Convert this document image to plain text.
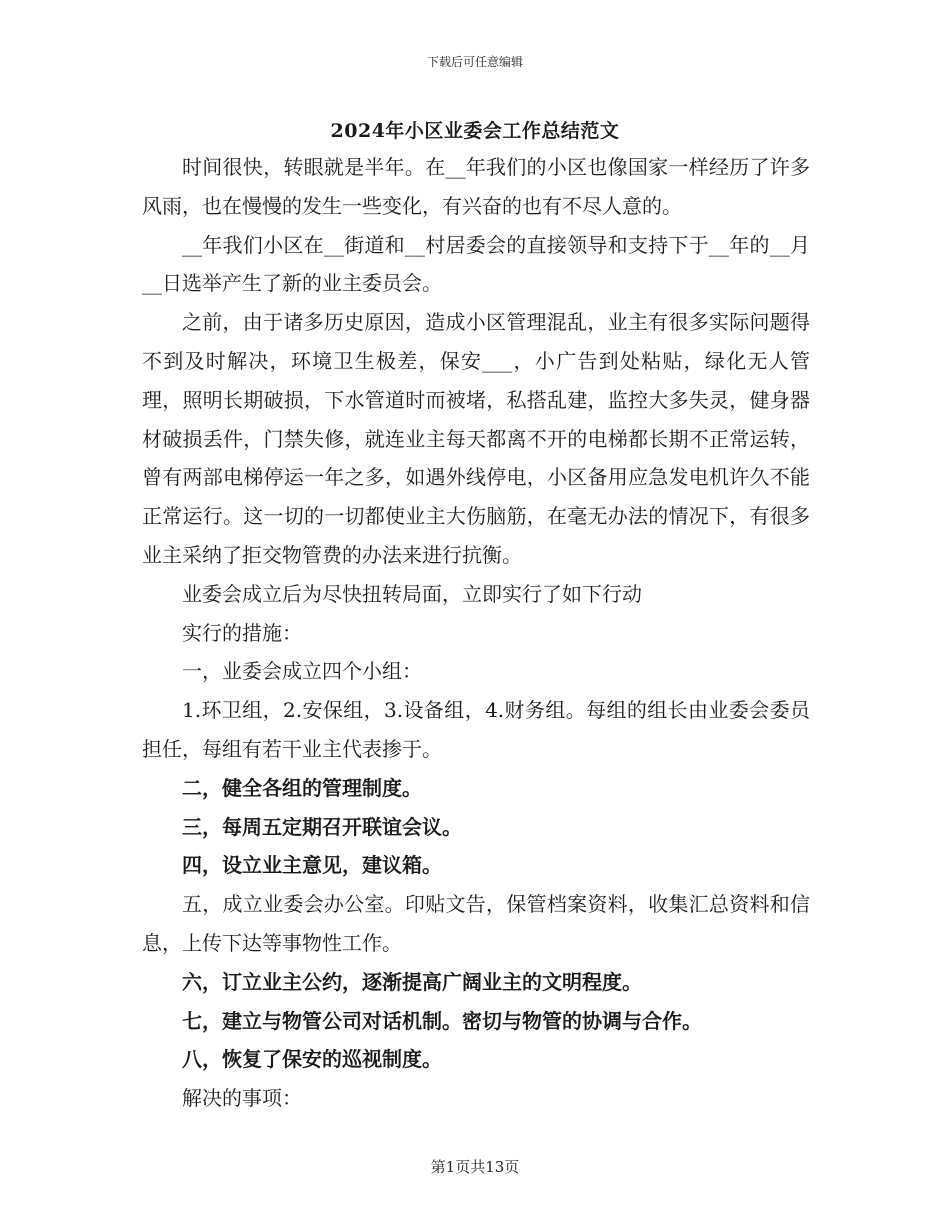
下载后可任意编辑
2024年小区业委会工作总结范文

时间很快，转眼就是半年。在__年我们的小区也像国家一样经历了许多风雨，也在慢慢的发生一些变化，有兴奋的也有不尽人意的。

__年我们小区在__街道和__村居委会的直接领导和支持下于__年的__月__日选举产生了新的业主委员会。

之前，由于诸多历史原因，造成小区管理混乱，业主有很多实际问题得不到及时解决，环境卫生极差，保安___，小广告到处粘贴，绿化无人管理，照明长期破损，下水管道时而被堵，私搭乱建，监控大多失灵，健身器材破损丢件，门禁失修，就连业主每天都离不开的电梯都长期不正常运转，曾有两部电梯停运一年之多，如遇外线停电，小区备用应急发电机许久不能正常运行。这一切的一切都使业主大伤脑筋，在毫无办法的情况下，有很多业主采纳了拒交物管费的办法来进行抗衡。

业委会成立后为尽快扭转局面，立即实行了如下行动

实行的措施：

一，业委会成立四个小组：

1.环卫组，2.安保组，3.设备组，4.财务组。每组的组长由业委会委员担任，每组有若干业主代表掺于。

二，健全各组的管理制度。

三，每周五定期召开联谊会议。

四，设立业主意见，建议箱。

五，成立业委会办公室。印贴文告，保管档案资料，收集汇总资料和信息，上传下达等事物性工作。

六，订立业主公约，逐渐提高广阔业主的文明程度。

七，建立与物管公司对话机制。密切与物管的协调与合作。

八，恢复了保安的巡视制度。

解决的事项：

第1页共13页
